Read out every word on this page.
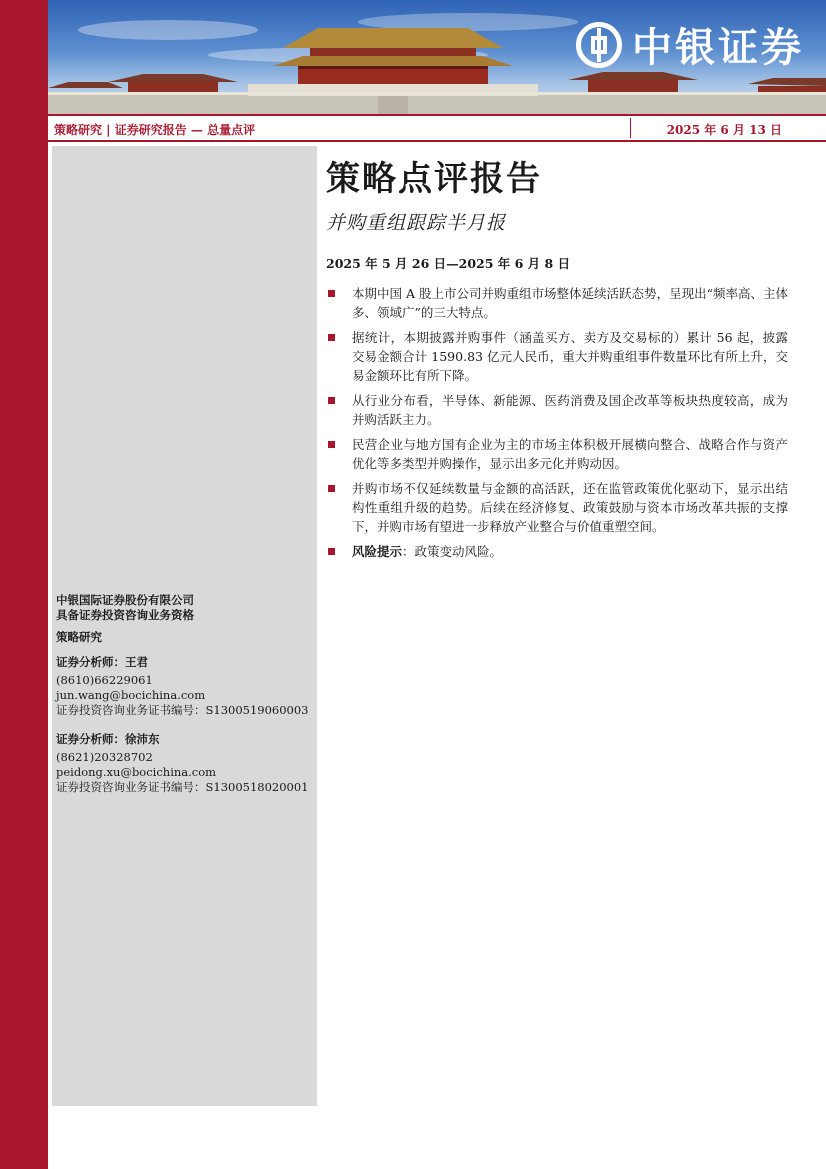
中银证券
策略研究 | 证券研究报告 — 总量点评	2025 年 6 月 13 日
中银国际证券股份有限公司
具备证券投资咨询业务资格
策略研究
证券分析师：王君
(8610)66229061
jun.wang@bocichina.com
证券投资咨询业务证书编号：S1300519060003
证券分析师：徐沛东
(8621)20328702
peidong.xu@bocichina.com
证券投资咨询业务证书编号：S1300518020001
策略点评报告
并购重组跟踪半月报
2025 年 5 月 26 日—2025 年 6 月 8 日
本期中国 A 股上市公司并购重组市场整体延续活跃态势，呈现出“频率高、主体多、领域广”的三大特点。
据统计，本期披露并购事件（涵盖买方、卖方及交易标的）累计 56 起，披露交易金额合计 1590.83 亿元人民币，重大并购重组事件数量环比有所上升，交易金额环比有所下降。
从行业分布看，半导体、新能源、医药消费及国企改革等板块热度较高，成为并购活跃主力。
民营企业与地方国有企业为主的市场主体积极开展横向整合、战略合作与资产优化等多类型并购操作，显示出多元化并购动因。
并购市场不仅延续数量与金额的高活跃，还在监管政策优化驱动下，显示出结构性重组升级的趋势。后续在经济修复、政策鼓励与资本市场改革共振的支撑下，并购市场有望进一步释放产业整合与价值重塑空间。
风险提示：政策变动风险。
